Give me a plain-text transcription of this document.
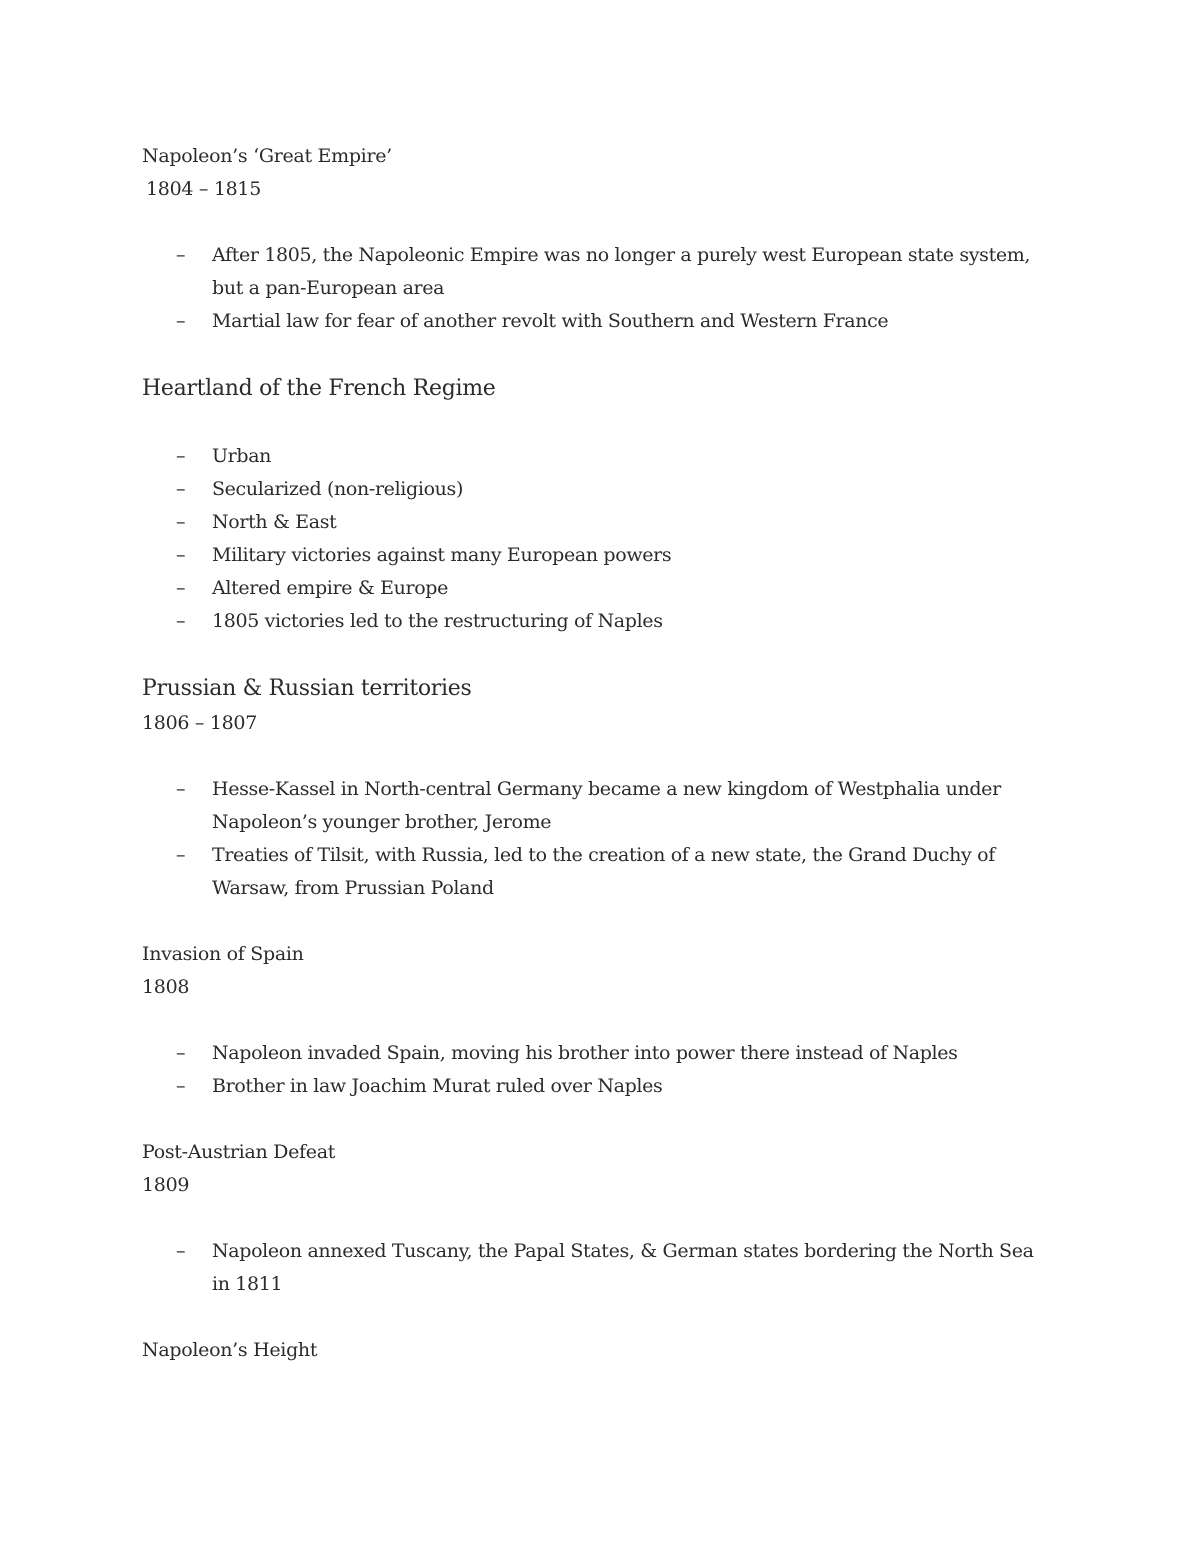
Napoleon’s ‘Great Empire’
1804 – 1815
– After 1805, the Napoleonic Empire was no longer a purely west European state system, but a pan-European area
– Martial law for fear of another revolt with Southern and Western France
Heartland of the French Regime
– Urban
– Secularized (non-religious)
– North & East
– Military victories against many European powers
– Altered empire & Europe
– 1805 victories led to the restructuring of Naples
Prussian & Russian territories
1806 – 1807
– Hesse-Kassel in North-central Germany became a new kingdom of Westphalia under Napoleon’s younger brother, Jerome
– Treaties of Tilsit, with Russia, led to the creation of a new state, the Grand Duchy of Warsaw, from Prussian Poland
Invasion of Spain
1808
– Napoleon invaded Spain, moving his brother into power there instead of Naples
– Brother in law Joachim Murat ruled over Naples
Post-Austrian Defeat
1809
– Napoleon annexed Tuscany, the Papal States, & German states bordering the North Sea in 1811
Napoleon’s Height
